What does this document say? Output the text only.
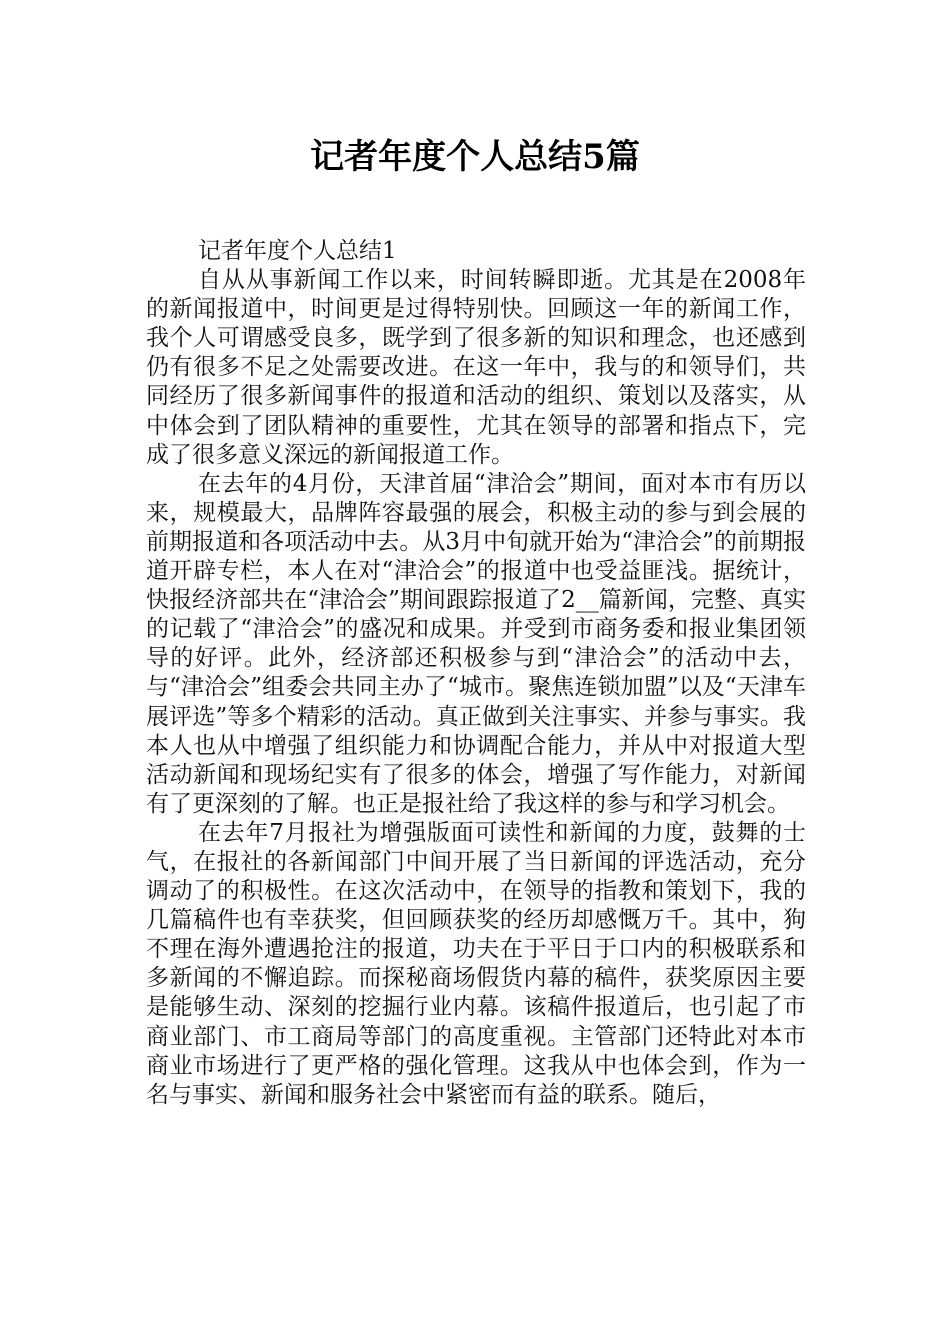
记者年度个人总结5篇

记者年度个人总结1

自从从事新闻工作以来，时间转瞬即逝。尤其是在2008年的新闻报道中，时间更是过得特别快。回顾这一年的新闻工作，我个人可谓感受良多，既学到了很多新的知识和理念，也还感到仍有很多不足之处需要改进。在这一年中，我与的和领导们，共同经历了很多新闻事件的报道和活动的组织、策划以及落实，从中体会到了团队精神的重要性，尤其在领导的部署和指点下，完成了很多意义深远的新闻报道工作。

在去年的4月份，天津首届“津洽会”期间，面对本市有历以来，规模最大，品牌阵容最强的展会，积极主动的参与到会展的前期报道和各项活动中去。从3月中旬就开始为“津洽会”的前期报道开辟专栏，本人在对“津洽会”的报道中也受益匪浅。据统计，快报经济部共在“津洽会”期间跟踪报道了2__篇新闻，完整、真实的记载了“津洽会”的盛况和成果。并受到市商务委和报业集团领导的好评。此外，经济部还积极参与到“津洽会”的活动中去，与“津洽会”组委会共同主办了“城市。聚焦连锁加盟”以及“天津车展评选”等多个精彩的活动。真正做到关注事实、并参与事实。我本人也从中增强了组织能力和协调配合能力，并从中对报道大型活动新闻和现场纪实有了很多的体会，增强了写作能力，对新闻有了更深刻的了解。也正是报社给了我这样的参与和学习机会。

在去年7月报社为增强版面可读性和新闻的力度，鼓舞的士气，在报社的各新闻部门中间开展了当日新闻的评选活动，充分调动了的积极性。在这次活动中，在领导的指教和策划下，我的几篇稿件也有幸获奖，但回顾获奖的经历却感慨万千。其中，狗不理在海外遭遇抢注的报道，功夫在于平日于口内的积极联系和多新闻的不懈追踪。而探秘商场假货内幕的稿件，获奖原因主要是能够生动、深刻的挖掘行业内幕。该稿件报道后，也引起了市商业部门、市工商局等部门的高度重视。主管部门还特此对本市商业市场进行了更严格的强化管理。这我从中也体会到，作为一名与事实、新闻和服务社会中紧密而有益的联系。随后，
